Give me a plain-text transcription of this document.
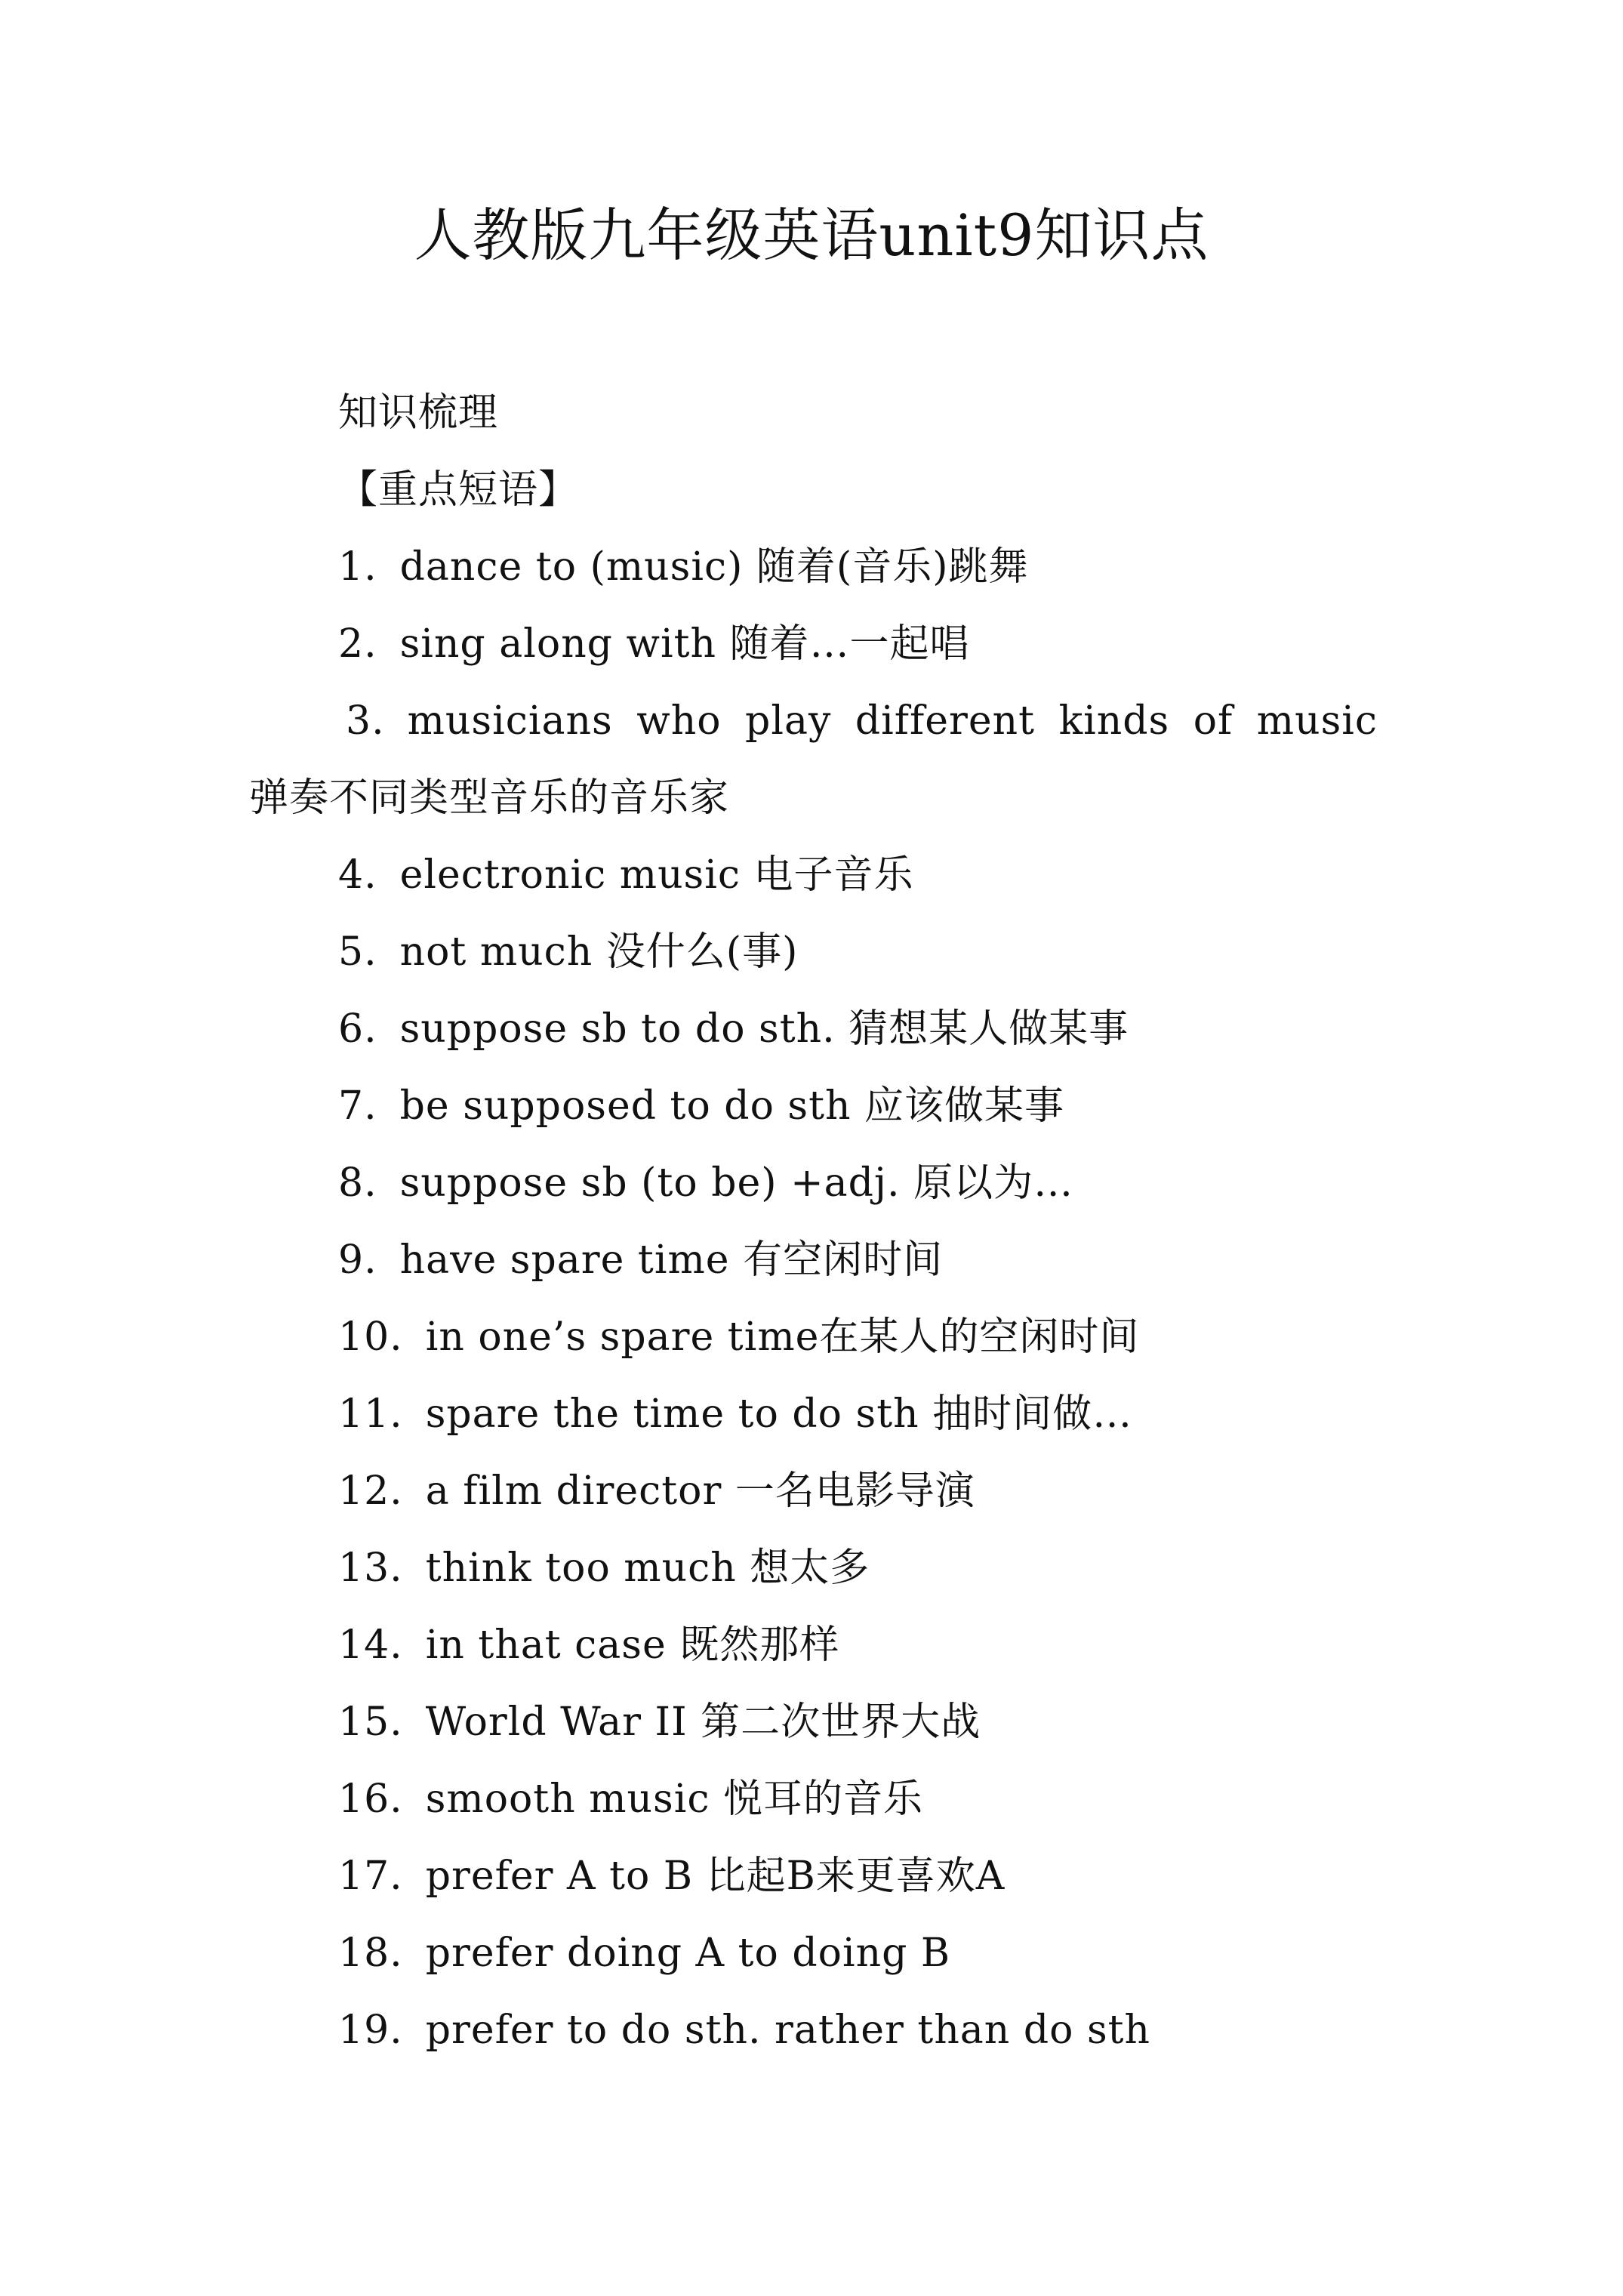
人教版九年级英语unit9知识点
知识梳理
【重点短语】
1. dance to (music) 随着(音乐)跳舞
2. sing along with 随着…一起唱
3. musicians who play different kinds of music
弹奏不同类型音乐的音乐家
4. electronic music 电子音乐
5. not much 没什么(事)
6. suppose sb to do sth. 猜想某人做某事
7. be supposed to do sth 应该做某事
8. suppose sb (to be) +adj. 原以为…
9. have spare time 有空闲时间
10. in one’s spare time在某人的空闲时间
11. spare the time to do sth 抽时间做…
12. a film director 一名电影导演
13. think too much 想太多
14. in that case 既然那样
15. World War II 第二次世界大战
16. smooth music 悦耳的音乐
17. prefer A to B 比起B来更喜欢A
18. prefer doing A to doing B
19. prefer to do sth. rather than do sth
